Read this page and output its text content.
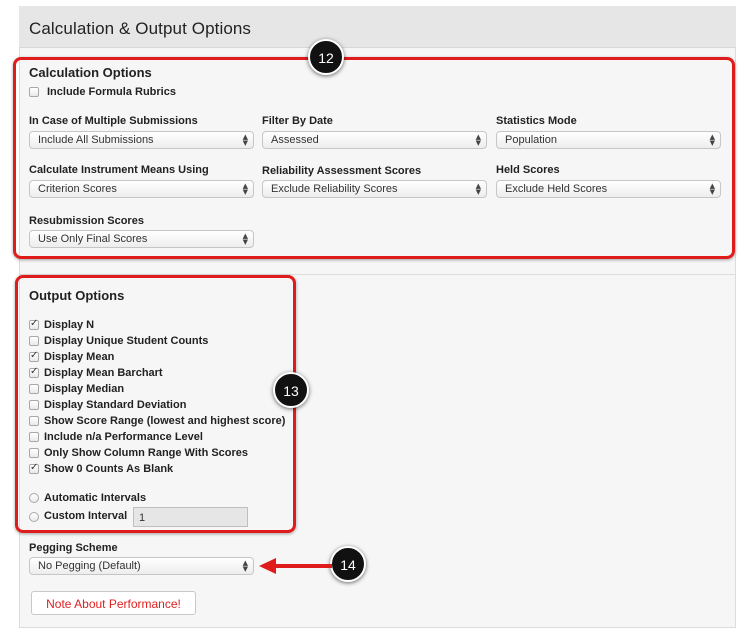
Calculation & Output Options
Calculation Options
Include Formula Rubrics
In Case of Multiple Submissions
Include All Submissions	▲
▼
Filter By Date
Assessed	▲
▼
Statistics Mode
Population	▲
▼
Calculate Instrument Means Using
Criterion Scores	▲
▼
Reliability Assessment Scores
Exclude Reliability Scores	▲
▼
Held Scores
Exclude Held Scores	▲
▼
Resubmission Scores
Use Only Final Scores	▲
▼
Output Options
✓
Display N
Display Unique Student Counts
✓
Display Mean
✓
Display Mean Barchart
Display Median
Display Standard Deviation
Show Score Range (lowest and highest score)
Include n/a Performance Level
Only Show Column Range With Scores
✓
Show 0 Counts As Blank
Automatic Intervals
Custom Interval	1
Pegging Scheme
No Pegging (Default)	▲
▼
Note About Performance!
12
13
14
